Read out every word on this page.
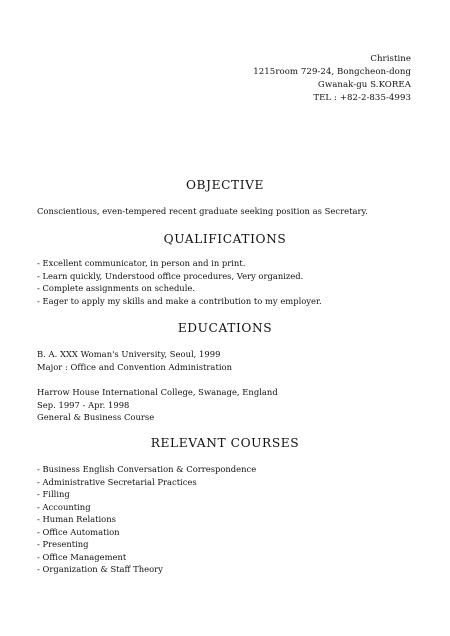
Christine
1215room 729-24, Bongcheon-dong
Gwanak-gu S.KOREA
TEL : +82-2-835-4993
OBJECTIVE
Conscientious, even-tempered recent graduate seeking position as Secretary.
QUALIFICATIONS
- Excellent communicator, in person and in print.
- Learn quickly, Understood office procedures, Very organized.
- Complete assignments on schedule.
- Eager to apply my skills and make a contribution to my employer.
EDUCATIONS
B. A. XXX Woman's University, Seoul, 1999
Major : Office and Convention Administration
Harrow House International College, Swanage, England
Sep. 1997 - Apr. 1998
General & Business Course
RELEVANT COURSES
- Business English Conversation & Correspondence
- Administrative Secretarial Practices
- Filling
- Accounting
- Human Relations
- Office Automation
- Presenting
- Office Management
- Organization & Staff Theory
